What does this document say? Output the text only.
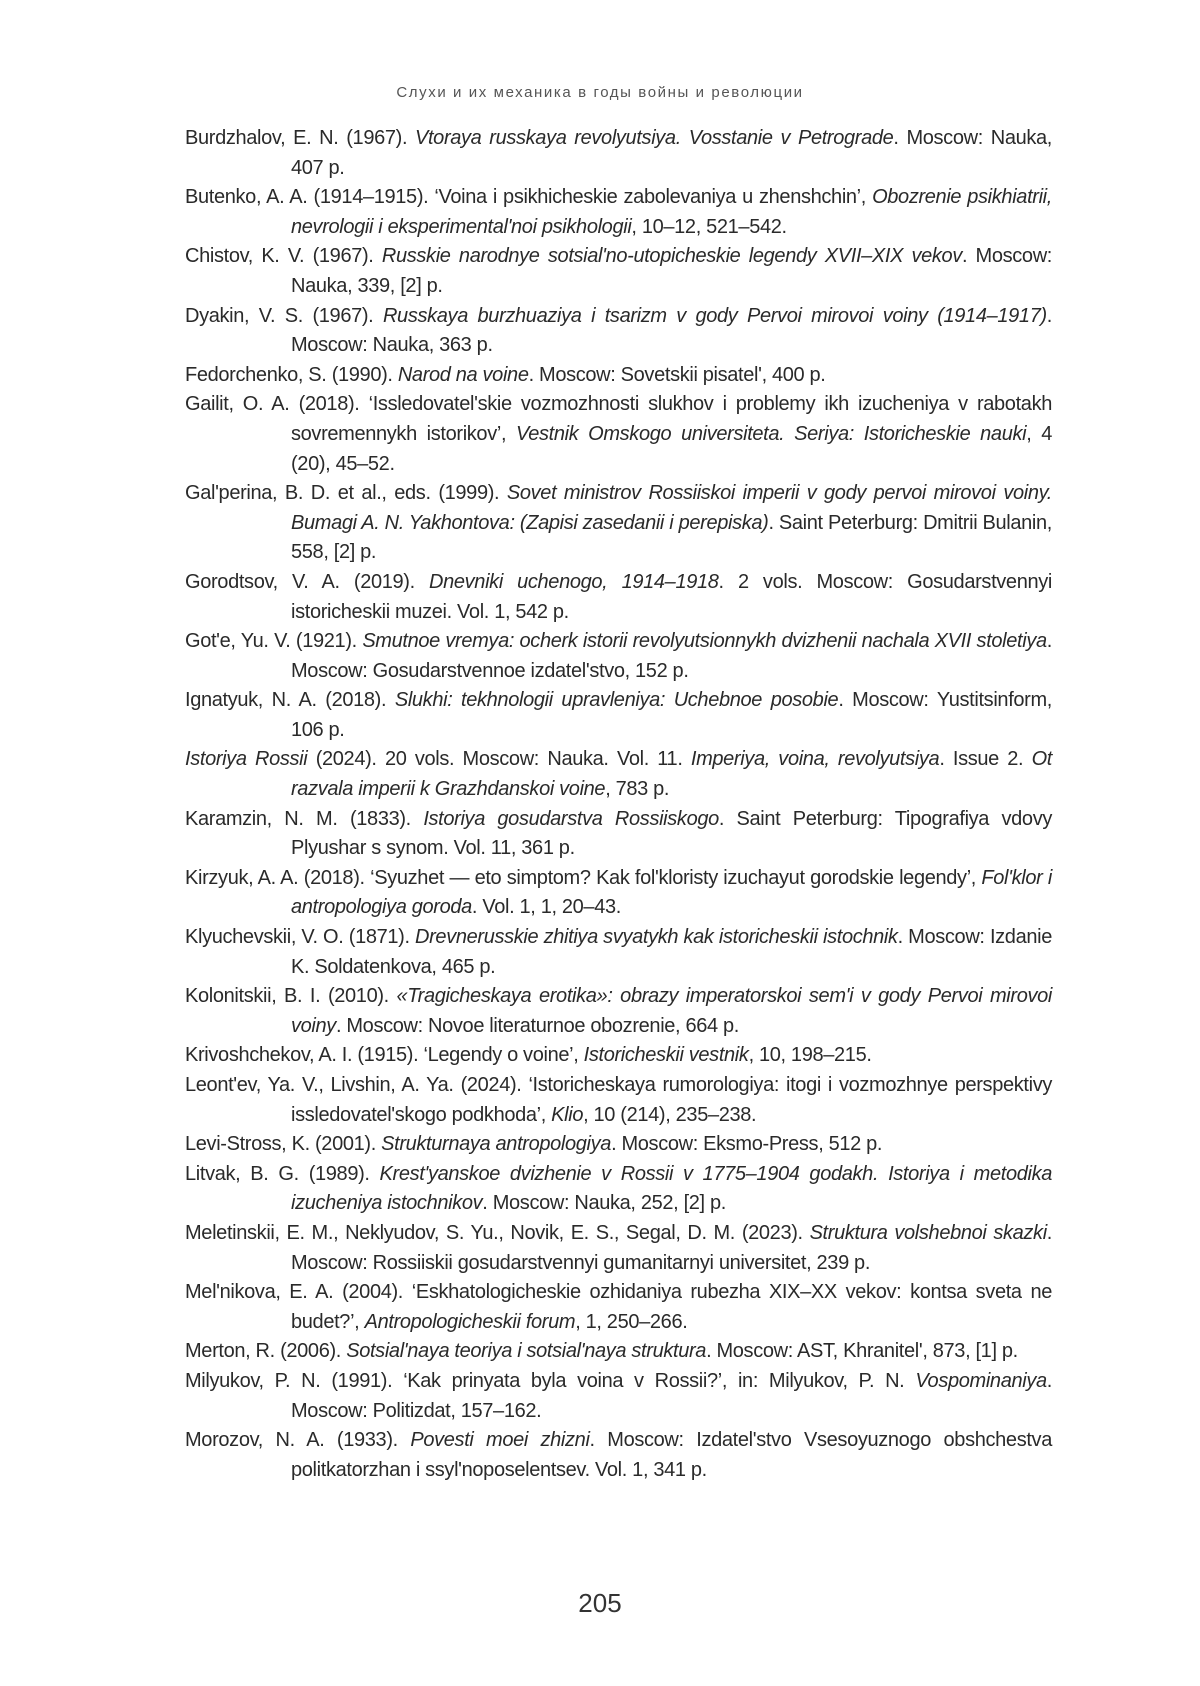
Слухи и их механика в годы войны и революции
Burdzhalov, E. N. (1967). Vtoraya russkaya revolyutsiya. Vosstanie v Petrograde. Moscow: Nauka, 407 p.
Butenko, A. A. (1914–1915). ‘Voina i psikhicheskie zabolevaniya u zhenshchin’, Obozrenie psikhiatrii, nevrologii i eksperimental'noi psikhologii, 10–12, 521–542.
Chistov, K. V. (1967). Russkie narodnye sotsial'no-utopicheskie legendy XVII–XIX vekov. Moscow: Nauka, 339, [2] p.
Dyakin, V. S. (1967). Russkaya burzhuaziya i tsarizm v gody Pervoi mirovoi voiny (1914–1917). Moscow: Nauka, 363 p.
Fedorchenko, S. (1990). Narod na voine. Moscow: Sovetskii pisatel', 400 p.
Gailit, O. A. (2018). ‘Issledovatel'skie vozmozhnosti slukhov i problemy ikh izucheniya v rabotakh sovremennykh istorikov’, Vestnik Omskogo universiteta. Seriya: Istoricheskie nauki, 4 (20), 45–52.
Gal'perina, B. D. et al., eds. (1999). Sovet ministrov Rossiiskoi imperii v gody pervoi mirovoi voiny. Bumagi A. N. Yakhontova: (Zapisi zasedanii i perepiska). Saint Peterburg: Dmitrii Bulanin, 558, [2] p.
Gorodtsov, V. A. (2019). Dnevniki uchenogo, 1914–1918. 2 vols. Moscow: Gosudarstvennyi istoricheskii muzei. Vol. 1, 542 p.
Got'e, Yu. V. (1921). Smutnoe vremya: ocherk istorii revolyutsionnykh dvizhenii nachala XVII stoletiya. Moscow: Gosudarstvennoe izdatel'stvo, 152 p.
Ignatyuk, N. A. (2018). Slukhi: tekhnologii upravleniya: Uchebnoe posobie. Moscow: Yustitsinform, 106 p.
Istoriya Rossii (2024). 20 vols. Moscow: Nauka. Vol. 11. Imperiya, voina, revolyutsiya. Issue 2. Ot razvala imperii k Grazhdanskoi voine, 783 p.
Karamzin, N. M. (1833). Istoriya gosudarstva Rossiiskogo. Saint Peterburg: Tipografiya vdovy Plyushar s synom. Vol. 11, 361 p.
Kirzyuk, A. A. (2018). ‘Syuzhet — eto simptom? Kak fol'kloristy izuchayut gorodskie legendy’, Fol'klor i antropologiya goroda. Vol. 1, 1, 20–43.
Klyuchevskii, V. O. (1871). Drevnerusskie zhitiya svyatykh kak istoricheskii istochnik. Moscow: Izdanie K. Soldatenkova, 465 p.
Kolonitskii, B. I. (2010). «Tragicheskaya erotika»: obrazy imperatorskoi sem'i v gody Pervoi mirovoi voiny. Moscow: Novoe literaturnoe obozrenie, 664 p.
Krivoshchekov, A. I. (1915). ‘Legendy o voine’, Istoricheskii vestnik, 10, 198–215.
Leont'ev, Ya. V., Livshin, A. Ya. (2024). ‘Istoricheskaya rumorologiya: itogi i vozmozhnye perspektivy issledovatel'skogo podkhoda’, Klio, 10 (214), 235–238.
Levi-Stross, K. (2001). Strukturnaya antropologiya. Moscow: Eksmo-Press, 512 p.
Litvak, B. G. (1989). Krest'yanskoe dvizhenie v Rossii v 1775–1904 godakh. Istoriya i metodika izucheniya istochnikov. Moscow: Nauka, 252, [2] p.
Meletinskii, E. M., Neklyudov, S. Yu., Novik, E. S., Segal, D. M. (2023). Struktura volshebnoi skazki. Moscow: Rossiiskii gosudarstvennyi gumanitarnyi universitet, 239 p.
Mel'nikova, E. A. (2004). ‘Eskhatologicheskie ozhidaniya rubezha XIX–XX vekov: kontsa sveta ne budet?’, Antropologicheskii forum, 1, 250–266.
Merton, R. (2006). Sotsial'naya teoriya i sotsial'naya struktura. Moscow: AST, Khranitel', 873, [1] p.
Milyukov, P. N. (1991). ‘Kak prinyata byla voina v Rossii?’, in: Milyukov, P. N. Vospominaniya. Moscow: Politizdat, 157–162.
Morozov, N. A. (1933). Povesti moei zhizni. Moscow: Izdatel'stvo Vsesoyuznogo obshchestva politkatorzhan i ssyl'noposelentsev. Vol. 1, 341 p.
205
